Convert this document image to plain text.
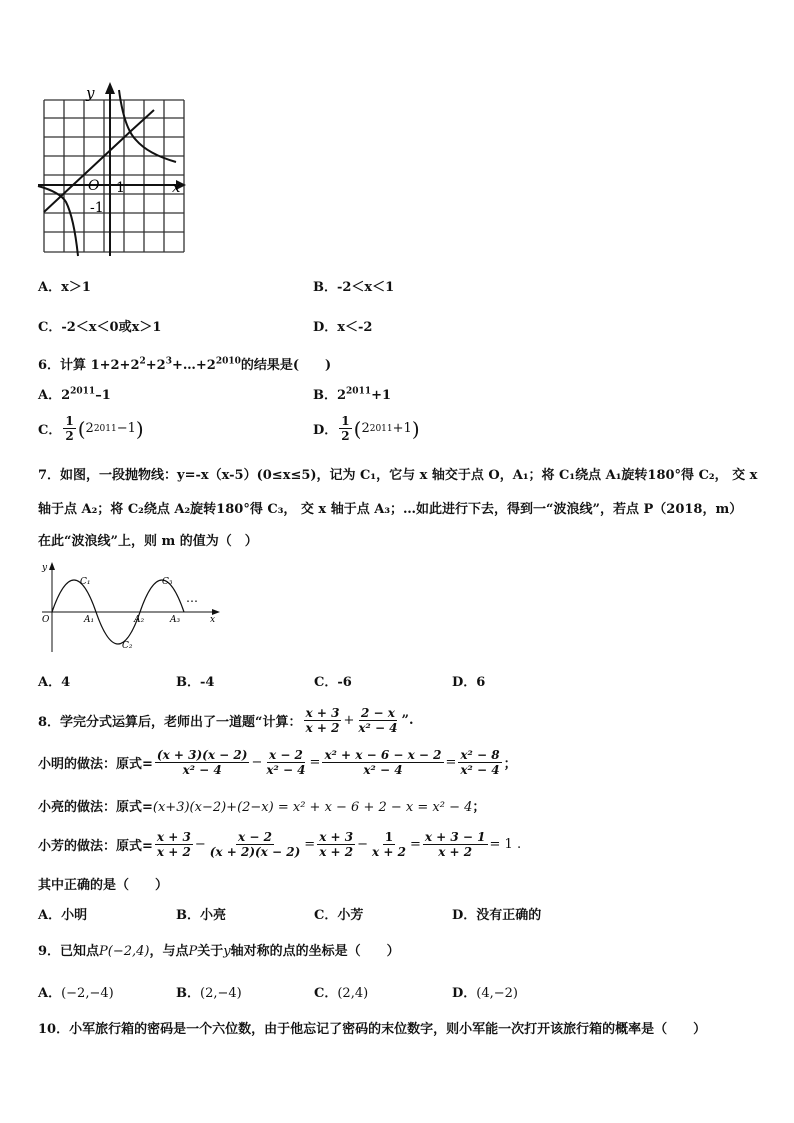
y
x
O 1
-1
A．x＞1	B．-2＜x＜1
C．-2＜x＜0或x＞1	D．x＜-2
6．计算 $1+2+2^2+2^3+\dots+2^{2010}$的结果是(　　)
A．$2^{2011}-1$	B．$2^{2011}+1$
C． $\frac{1}{2}$ ( 2 2011 −1 )	D． $\frac{1}{2}$ ( 2 2011 +1 )
7．如图，一段抛物线：y=-x（x-5）(0≤x≤5)，记为 C₁，它与 x 轴交于点 O，A₁；将 C₁绕点 A₁旋转180°得 C₂， 交 x
轴于点 A₂；将 C₂绕点 A₂旋转180°得 C₃， 交 x 轴于点 A₃；…如此进行下去，得到一“波浪线”，若点 P（2018，m）
在此“波浪线”上，则 m 的值为（　）
y
x
O
C₁
C₂
C₃
A₁	A₂	A₃
…
A．4	B．-4	C．-6	D．6
8．学完分式运算后，老师出了一道题“计算： $\frac{x + 3}{x + 2} + \frac{2 - x}{\text{x² − 4}}$ ”.
小明的做法：原式= $\frac{(x + 3)(x - 2)}{\text{x² − 4}} - \frac{x - 2}{\text{x² − 4}} = \frac{\text{x² + x − 6 − x − 2}}{\text{x² − 4}} = \frac{\text{x² − 8}}{\text{x² − 4}}$ ；
小亮的做法：原式=(x+3)(x−2)+(2−x) = x² + x − 6 + 2 − x = x² − 4；
小芳的做法：原式= $\frac{x + 3}{x + 2} - \frac{x - 2}{(x + 2)(x - 2)} = \frac{x + 3}{x + 2} - \frac{1}{x + 2} = \frac{x + 3 - 1}{x + 2} = 1$ .
其中正确的是（　　）
A．小明	B．小亮	C．小芳	D．没有正确的
9．已知点P(−2,4)，与点P关于y轴对称的点的坐标是（　　）
A．(−2,−4)	B．(2,−4)	C．(2,4)	D．(4,−2)
10．小军旅行箱的密码是一个六位数，由于他忘记了密码的末位数字，则小军能一次打开该旅行箱的概率是（　　）
